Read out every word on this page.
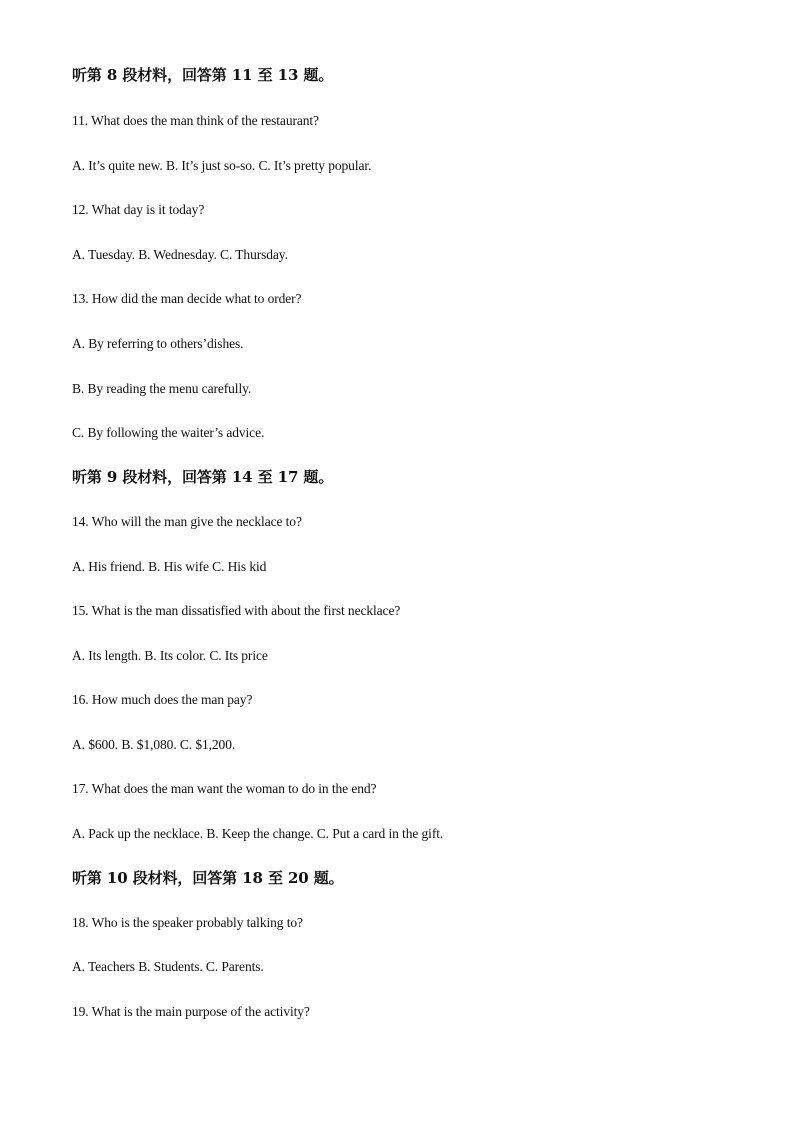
听第 8 段材料，回答第 11 至 13 题。
11. What does the man think of the restaurant?
A. It’s quite new. B. It’s just so-so. C. It’s pretty popular.
12. What day is it today?
A. Tuesday. B. Wednesday. C. Thursday.
13. How did the man decide what to order?
A. By referring to others’dishes.
B. By reading the menu carefully.
C. By following the waiter’s advice.
听第 9 段材料，回答第 14 至 17 题。
14. Who will the man give the necklace to?
A. His friend. B. His wife C. His kid
15. What is the man dissatisfied with about the first necklace?
A. Its length. B. Its color. C. Its price
16. How much does the man pay?
A. $600. B. $1,080. C. $1,200.
17. What does the man want the woman to do in the end?
A. Pack up the necklace. B. Keep the change. C. Put a card in the gift.
听第 10 段材料，回答第 18 至 20 题。
18. Who is the speaker probably talking to?
A. Teachers B. Students. C. Parents.
19. What is the main purpose of the activity?
